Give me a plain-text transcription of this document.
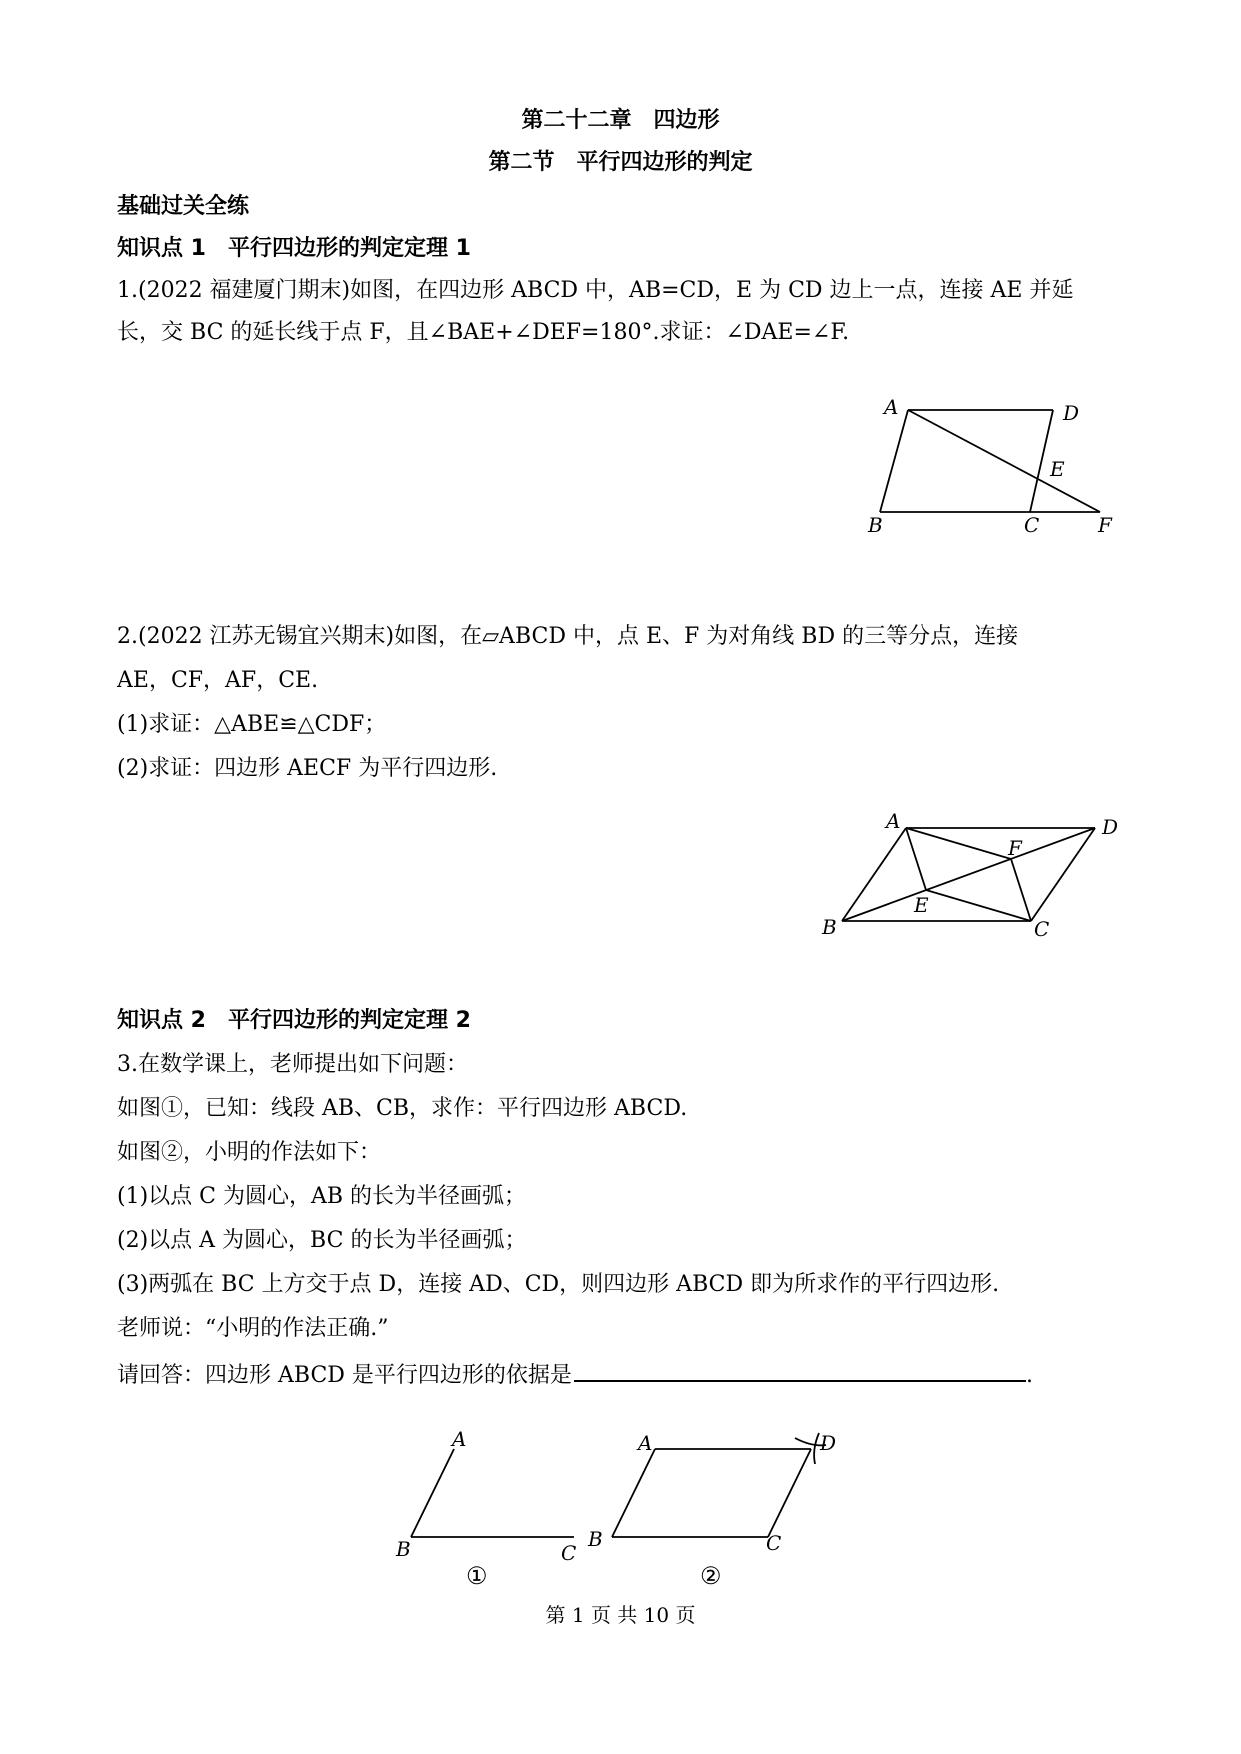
第二十二章　四边形
第二节　平行四边形的判定
基础过关全练
知识点 1　平行四边形的判定定理 1
1.(2022 福建厦门期末)如图，在四边形 ABCD 中，AB=CD，E 为 CD 边上一点，连接 AE 并延
长，交 BC 的延长线于点 F，且∠BAE+∠DEF=180°.求证：∠DAE=∠F.
A	D
E
B	C	F
2.(2022 江苏无锡宜兴期末)如图，在▱ABCD 中，点 E、F 为对角线 BD 的三等分点，连接
AE，CF，AF，CE.
(1)求证：△ABE≌△CDF；
(2)求证：四边形 AECF 为平行四边形.
A	D
F
E
B	C
知识点 2　平行四边形的判定定理 2
3.在数学课上，老师提出如下问题：
如图①，已知：线段 AB、CB，求作：平行四边形 ABCD.
如图②，小明的作法如下：
(1)以点 C 为圆心，AB 的长为半径画弧；
(2)以点 A 为圆心，BC 的长为半径画弧；
(3)两弧在 BC 上方交于点 D，连接 AD、CD，则四边形 ABCD 即为所求作的平行四边形.
老师说：“小明的作法正确.”
请回答：四边形 ABCD 是平行四边形的依据是	.
A
B	C
①
A	D
B	C
②
第 1 页 共 10 页
